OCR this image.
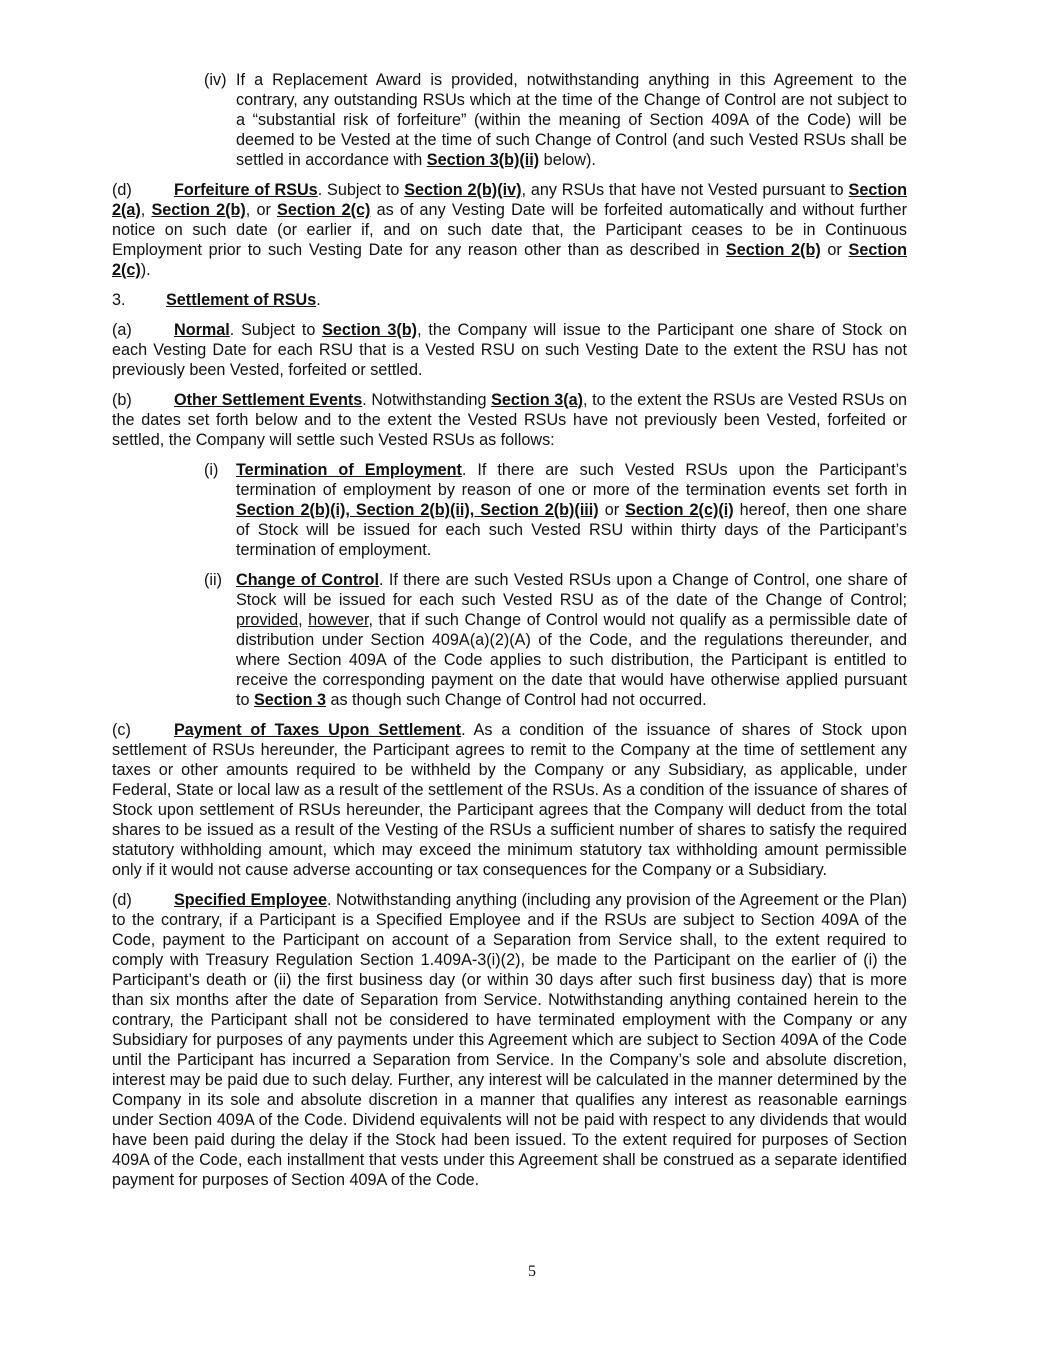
(iv) If a Replacement Award is provided, notwithstanding anything in this Agreement to the contrary, any outstanding RSUs which at the time of the Change of Control are not subject to a “substantial risk of forfeiture” (within the meaning of Section 409A of the Code) will be deemed to be Vested at the time of such Change of Control (and such Vested RSUs shall be settled in accordance with Section 3(b)(ii) below).
(d)	Forfeiture of RSUs. Subject to Section 2(b)(iv), any RSUs that have not Vested pursuant to Section 2(a), Section 2(b), or Section 2(c) as of any Vesting Date will be forfeited automatically and without further notice on such date (or earlier if, and on such date that, the Participant ceases to be in Continuous Employment prior to such Vesting Date for any reason other than as described in Section 2(b) or Section 2(c)).
3. Settlement of RSUs.
(a)	Normal. Subject to Section 3(b), the Company will issue to the Participant one share of Stock on each Vesting Date for each RSU that is a Vested RSU on such Vesting Date to the extent the RSU has not previously been Vested, forfeited or settled.
(b)	Other Settlement Events. Notwithstanding Section 3(a), to the extent the RSUs are Vested RSUs on the dates set forth below and to the extent the Vested RSUs have not previously been Vested, forfeited or settled, the Company will settle such Vested RSUs as follows:
(i) Termination of Employment. If there are such Vested RSUs upon the Participant’s termination of employment by reason of one or more of the termination events set forth in Section 2(b)(i), Section 2(b)(ii), Section 2(b)(iii) or Section 2(c)(i) hereof, then one share of Stock will be issued for each such Vested RSU within thirty days of the Participant’s termination of employment.
(ii) Change of Control. If there are such Vested RSUs upon a Change of Control, one share of Stock will be issued for each such Vested RSU as of the date of the Change of Control; provided, however, that if such Change of Control would not qualify as a permissible date of distribution under Section 409A(a)(2)(A) of the Code, and the regulations thereunder, and where Section 409A of the Code applies to such distribution, the Participant is entitled to receive the corresponding payment on the date that would have otherwise applied pursuant to Section 3 as though such Change of Control had not occurred.
(c)	Payment of Taxes Upon Settlement. As a condition of the issuance of shares of Stock upon settlement of RSUs hereunder, the Participant agrees to remit to the Company at the time of settlement any taxes or other amounts required to be withheld by the Company or any Subsidiary, as applicable, under Federal, State or local law as a result of the settlement of the RSUs. As a condition of the issuance of shares of Stock upon settlement of RSUs hereunder, the Participant agrees that the Company will deduct from the total shares to be issued as a result of the Vesting of the RSUs a sufficient number of shares to satisfy the required statutory withholding amount, which may exceed the minimum statutory tax withholding amount permissible only if it would not cause adverse accounting or tax consequences for the Company or a Subsidiary.
(d)	Specified Employee. Notwithstanding anything (including any provision of the Agreement or the Plan) to the contrary, if a Participant is a Specified Employee and if the RSUs are subject to Section 409A of the Code, payment to the Participant on account of a Separation from Service shall, to the extent required to comply with Treasury Regulation Section 1.409A-3(i)(2), be made to the Participant on the earlier of (i) the Participant’s death or (ii) the first business day (or within 30 days after such first business day) that is more than six months after the date of Separation from Service. Notwithstanding anything contained herein to the contrary, the Participant shall not be considered to have terminated employment with the Company or any Subsidiary for purposes of any payments under this Agreement which are subject to Section 409A of the Code until the Participant has incurred a Separation from Service. In the Company’s sole and absolute discretion, interest may be paid due to such delay. Further, any interest will be calculated in the manner determined by the Company in its sole and absolute discretion in a manner that qualifies any interest as reasonable earnings under Section 409A of the Code. Dividend equivalents will not be paid with respect to any dividends that would have been paid during the delay if the Stock had been issued. To the extent required for purposes of Section 409A of the Code, each installment that vests under this Agreement shall be construed as a separate identified payment for purposes of Section 409A of the Code.
5
